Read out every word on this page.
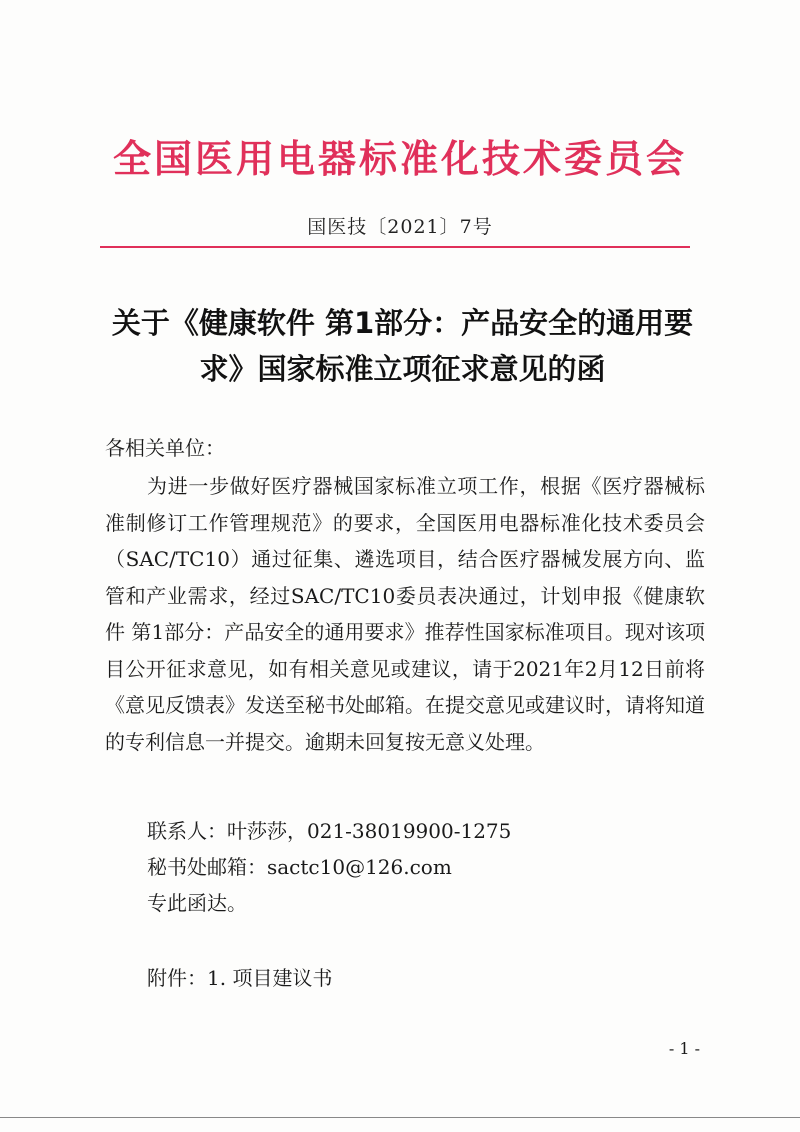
全国医用电器标准化技术委员会
国医技〔2021〕7号
关于《健康软件 第1部分：产品安全的通用要
求》国家标准立项征求意见的函
各相关单位：

为进一步做好医疗器械国家标准立项工作，根据《医疗器械标准制修订工作管理规范》的要求，全国医用电器标准化技术委员会（SAC/TC10）通过征集、遴选项目，结合医疗器械发展方向、监管和产业需求，经过SAC/TC10委员表决通过，计划申报《健康软件 第1部分：产品安全的通用要求》推荐性国家标准项目。现对该项目公开征求意见，如有相关意见或建议，请于2021年2月12日前将《意见反馈表》发送至秘书处邮箱。在提交意见或建议时，请将知道的专利信息一并提交。逾期未回复按无意义处理。

联系人：叶莎莎，021-38019900-1275
秘书处邮箱：sactc10@126.com
专此函达。
附件：1. 项目建议书
- 1 -
